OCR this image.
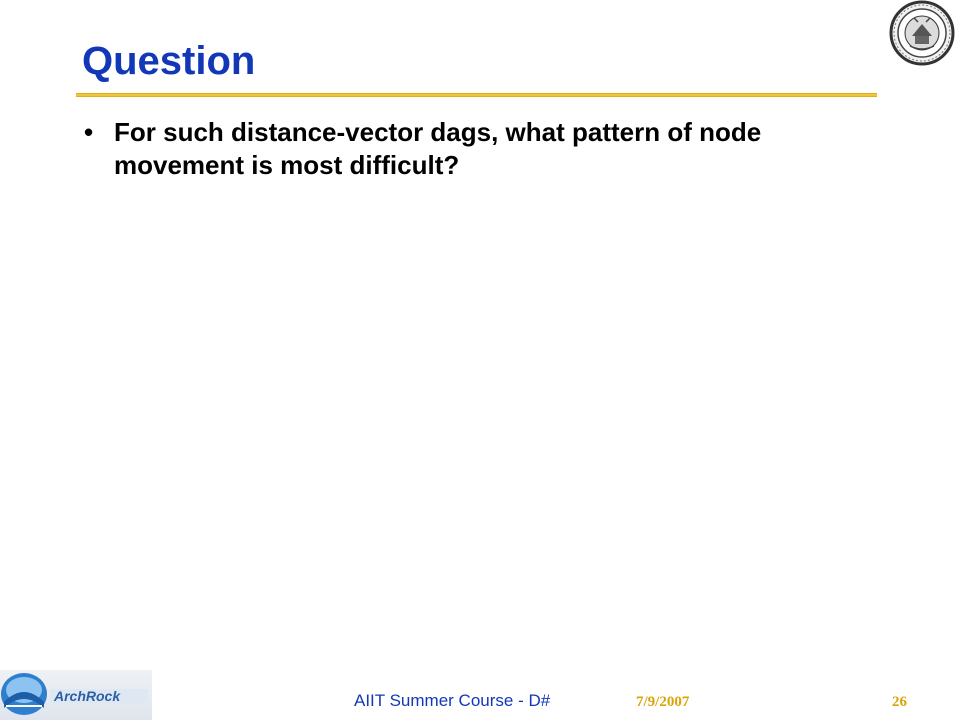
Question
• For such distance-vector dags, what pattern of node movement is most difficult?
ArchRock	AIIT Summer Course - D#	7/9/2007	26
